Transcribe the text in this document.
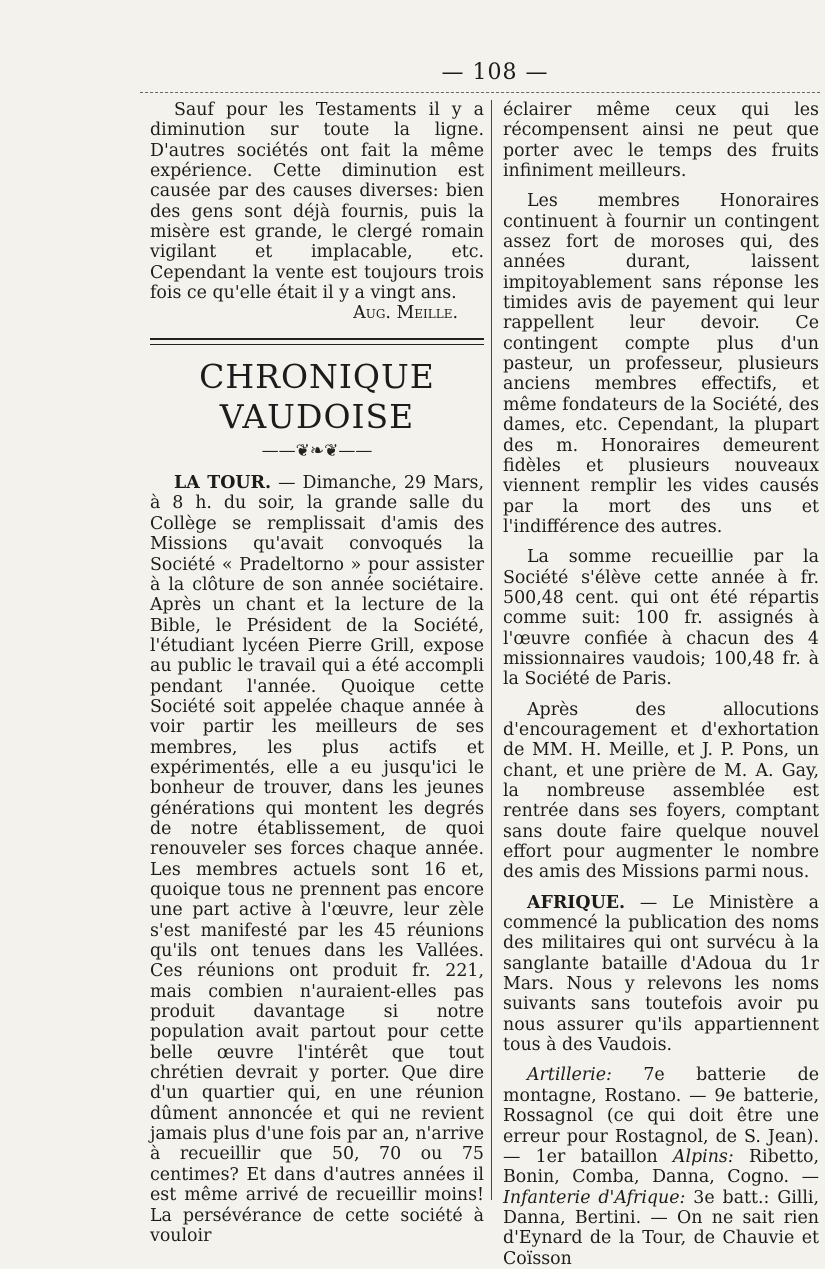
— 108 —

Sauf pour les Testaments il y a diminution sur toute la ligne. D'autres sociétés ont fait la même expérience. Cette diminution est causée par des causes diverses: bien des gens sont déjà fournis, puis la misère est grande, le clergé romain vigilant et implacable, etc. Cependant la vente est toujours trois fois ce qu'elle était il y a vingt ans.

Aug. Meille.

CHRONIQUE VAUDOISE
——❦❧❦——

LA TOUR. — Dimanche, 29 Mars, à 8 h. du soir, la grande salle du Collège se remplissait d'amis des Missions qu'avait convoqués la Société « Pradeltorno » pour assister à la clôture de son année sociétaire. Après un chant et la lecture de la Bible, le Président de la Société, l'étudiant lycéen Pierre Grill, expose au public le travail qui a été accompli pendant l'année. Quoique cette Société soit appelée chaque année à voir partir les meilleurs de ses membres, les plus actifs et expérimentés, elle a eu jusqu'ici le bonheur de trouver, dans les jeunes générations qui montent les degrés de notre établissement, de quoi renouveler ses forces chaque année. Les membres actuels sont 16 et, quoique tous ne prennent pas encore une part active à l'œuvre, leur zèle s'est manifesté par les 45 réunions qu'ils ont tenues dans les Vallées. Ces réunions ont produit fr. 221, mais combien n'auraient-elles pas produit davantage si notre population avait partout pour cette belle œuvre l'intérêt que tout chrétien devrait y porter. Que dire d'un quartier qui, en une réunion dûment annoncée et qui ne revient jamais plus d'une fois par an, n'arrive à recueillir que 50, 70 ou 75 centimes? Et dans d'autres années il est même arrivé de recueillir moins! La persévérance de cette société à vouloir

éclairer même ceux qui les récompensent ainsi ne peut que porter avec le temps des fruits infiniment meilleurs.

Les membres Honoraires continuent à fournir un contingent assez fort de moroses qui, des années durant, laissent impitoyablement sans réponse les timides avis de payement qui leur rappellent leur devoir. Ce contingent compte plus d'un pasteur, un professeur, plusieurs anciens membres effectifs, et même fondateurs de la Société, des dames, etc. Cependant, la plupart des m. Honoraires demeurent fidèles et plusieurs nouveaux viennent remplir les vides causés par la mort des uns et l'indifférence des autres.

La somme recueillie par la Société s'élève cette année à fr. 500,48 cent. qui ont été répartis comme suit: 100 fr. assignés à l'œuvre confiée à chacun des 4 missionnaires vaudois; 100,48 fr. à la Société de Paris.

Après des allocutions d'encouragement et d'exhortation de MM. H. Meille, et J. P. Pons, un chant, et une prière de M. A. Gay, la nombreuse assemblée est rentrée dans ses foyers, comptant sans doute faire quelque nouvel effort pour augmenter le nombre des amis des Missions parmi nous.

AFRIQUE. — Le Ministère a commencé la publication des noms des militaires qui ont survécu à la sanglante bataille d'Adoua du 1r Mars. Nous y relevons les noms suivants sans toutefois avoir pu nous assurer qu'ils appartiennent tous à des Vaudois.

Artillerie: 7e batterie de montagne, Rostano. — 9e batterie, Rossagnol (ce qui doit être une erreur pour Rostagnol, de S. Jean). — 1er bataillon Alpins: Ribetto, Bonin, Comba, Danna, Cogno. — Infanterie d'Afrique: 3e batt.: Gilli, Danna, Bertini. — On ne sait rien d'Eynard de la Tour, de Chauvie et Coïsson
